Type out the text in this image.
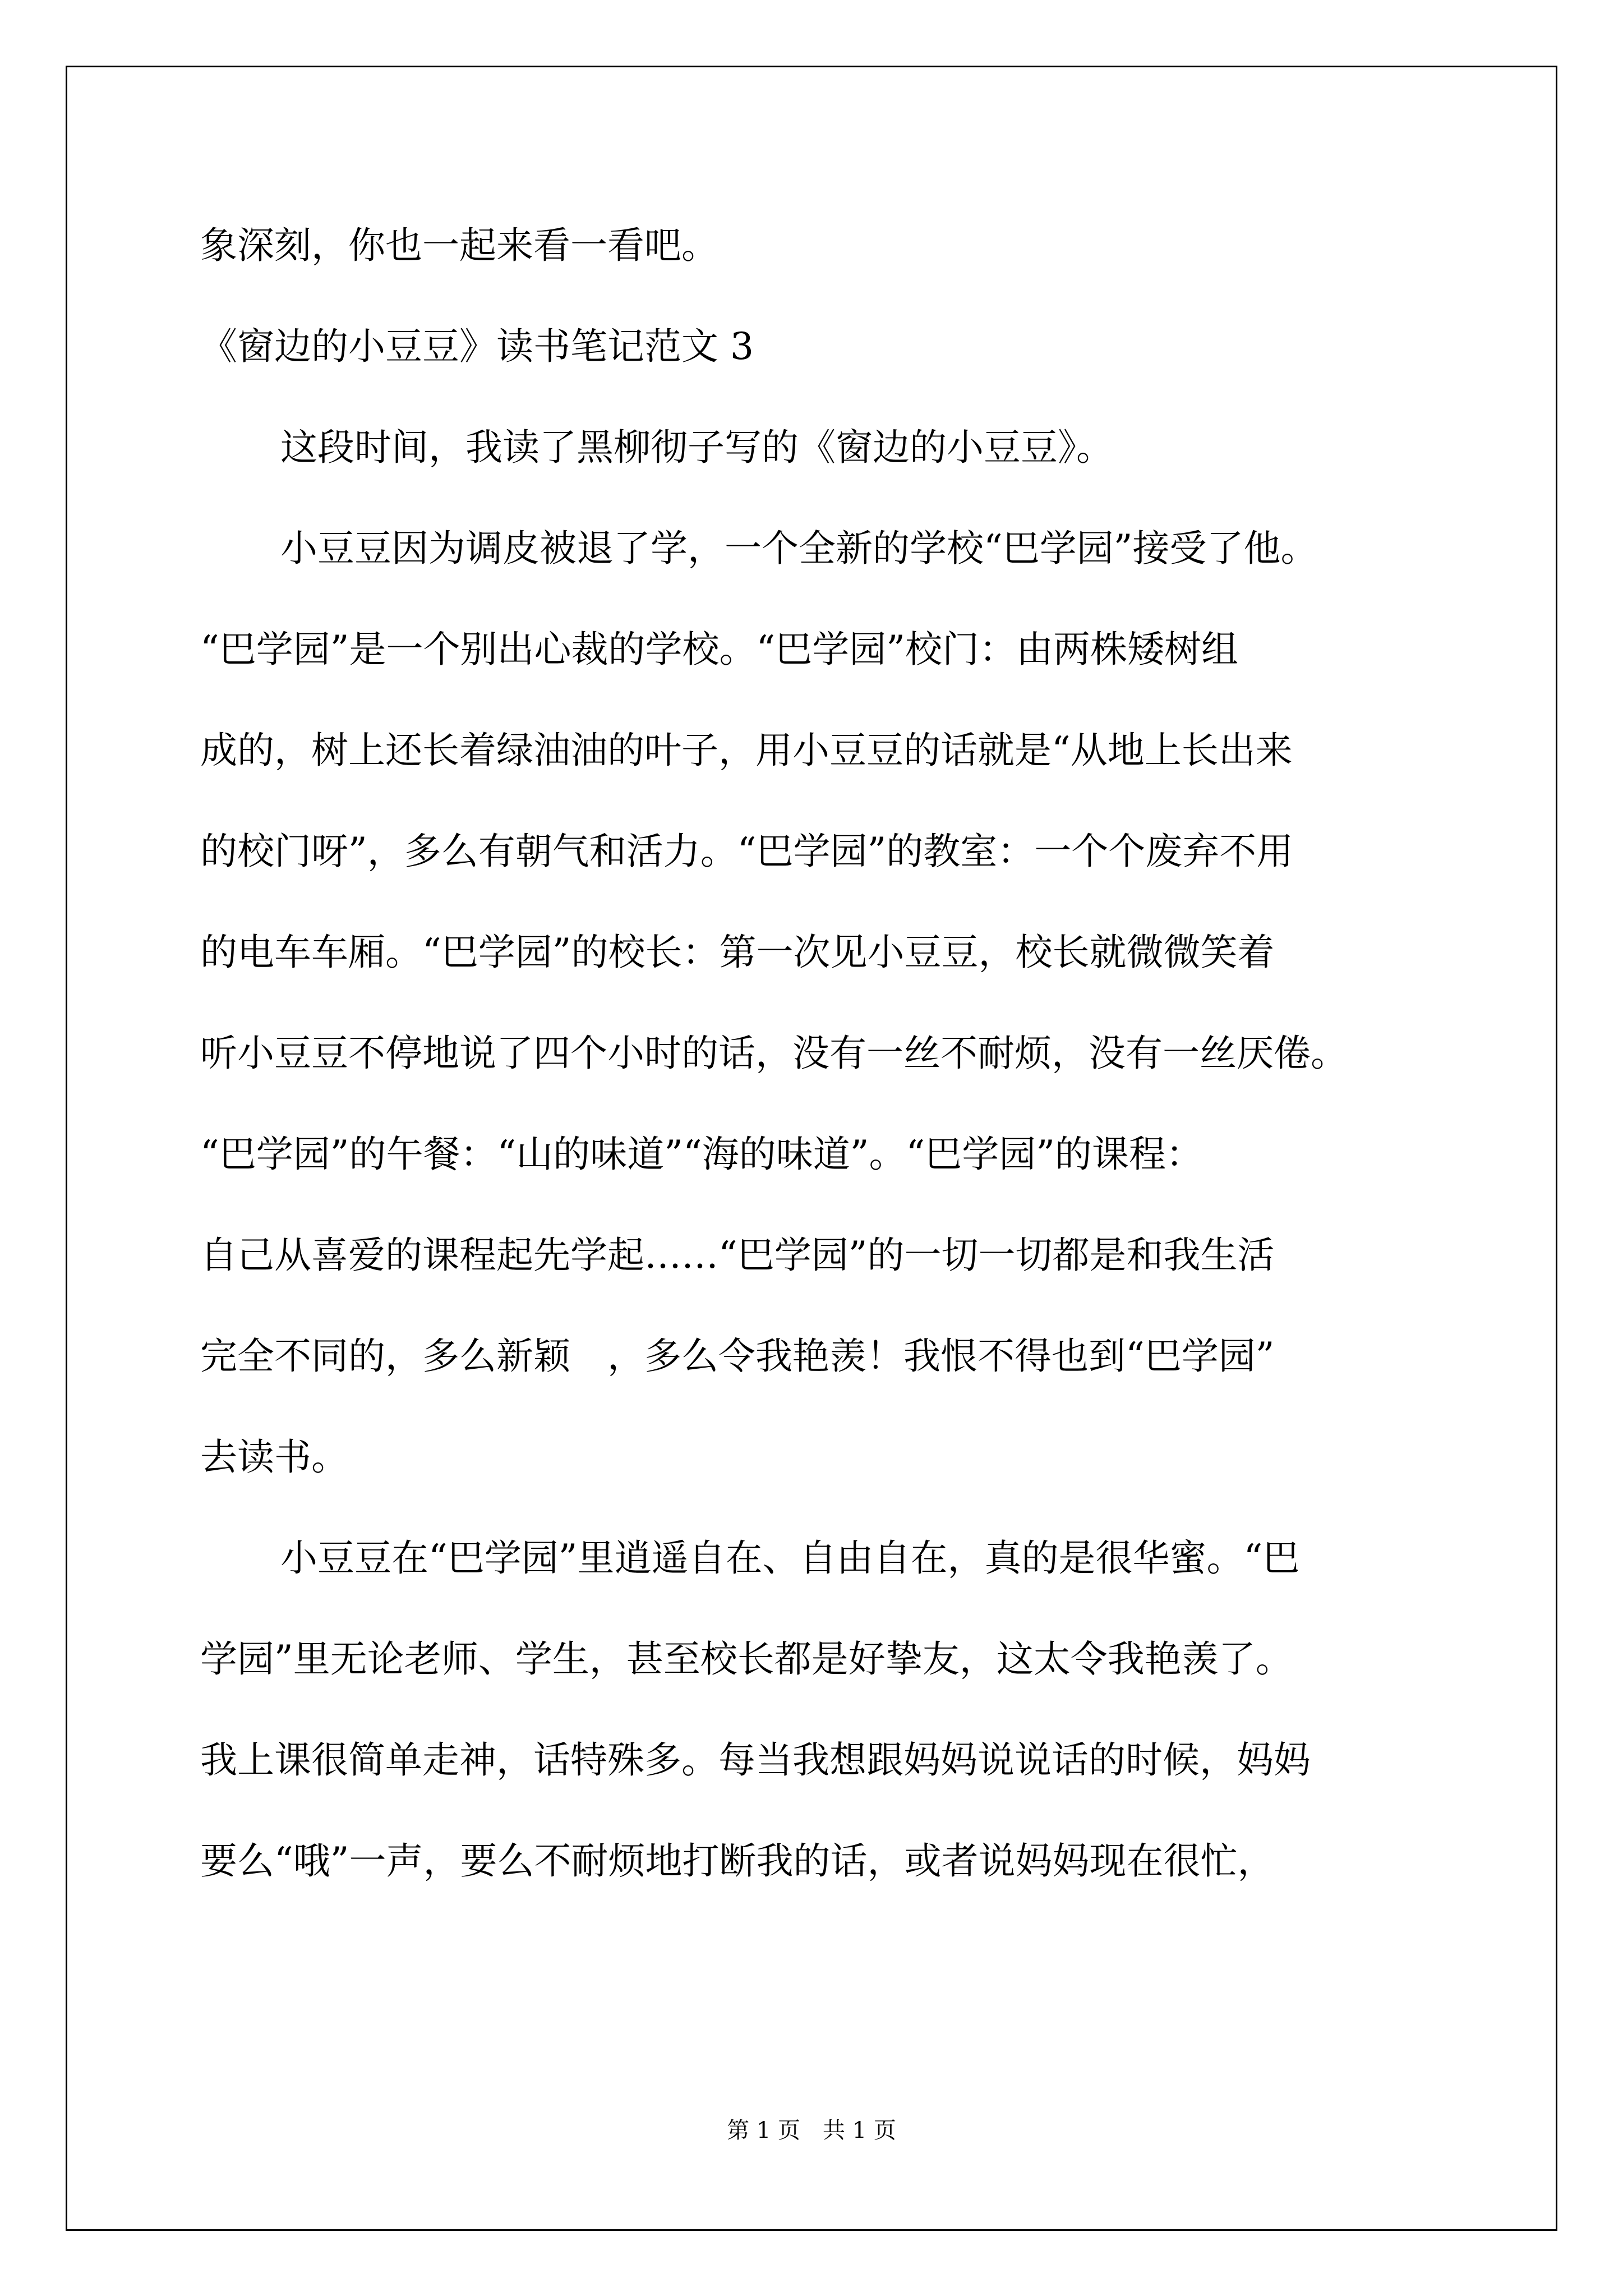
象深刻，你也一起来看一看吧。

《窗边的小豆豆》读书笔记范文 3

这段时间，我读了黑柳彻子写的《窗边的小豆豆》。

小豆豆因为调皮被退了学，一个全新的学校“巴学园”接受了他。

“巴学园”是一个别出心裁的学校。“巴学园”校门：由两株矮树组

成的，树上还长着绿油油的叶子，用小豆豆的话就是“从地上长出来

的校门呀”，多么有朝气和活力。“巴学园”的教室：一个个废弃不用

的电车车厢。“巴学园”的校长：第一次见小豆豆，校长就微微笑着

听小豆豆不停地说了四个小时的话，没有一丝不耐烦，没有一丝厌倦。

“巴学园”的午餐：“山的味道”“海的味道”。“巴学园”的课程：

自己从喜爱的课程起先学起……“巴学园”的一切一切都是和我生活

完全不同的，多么新颖　，多么令我艳羡！我恨不得也到“巴学园”

去读书。

小豆豆在“巴学园”里逍遥自在、自由自在，真的是很华蜜。“巴

学园”里无论老师、学生，甚至校长都是好挚友，这太令我艳羡了。

我上课很简单走神，话特殊多。每当我想跟妈妈说说话的时候，妈妈

要么“哦”一声，要么不耐烦地打断我的话，或者说妈妈现在很忙，

第 1 页　共 1 页
